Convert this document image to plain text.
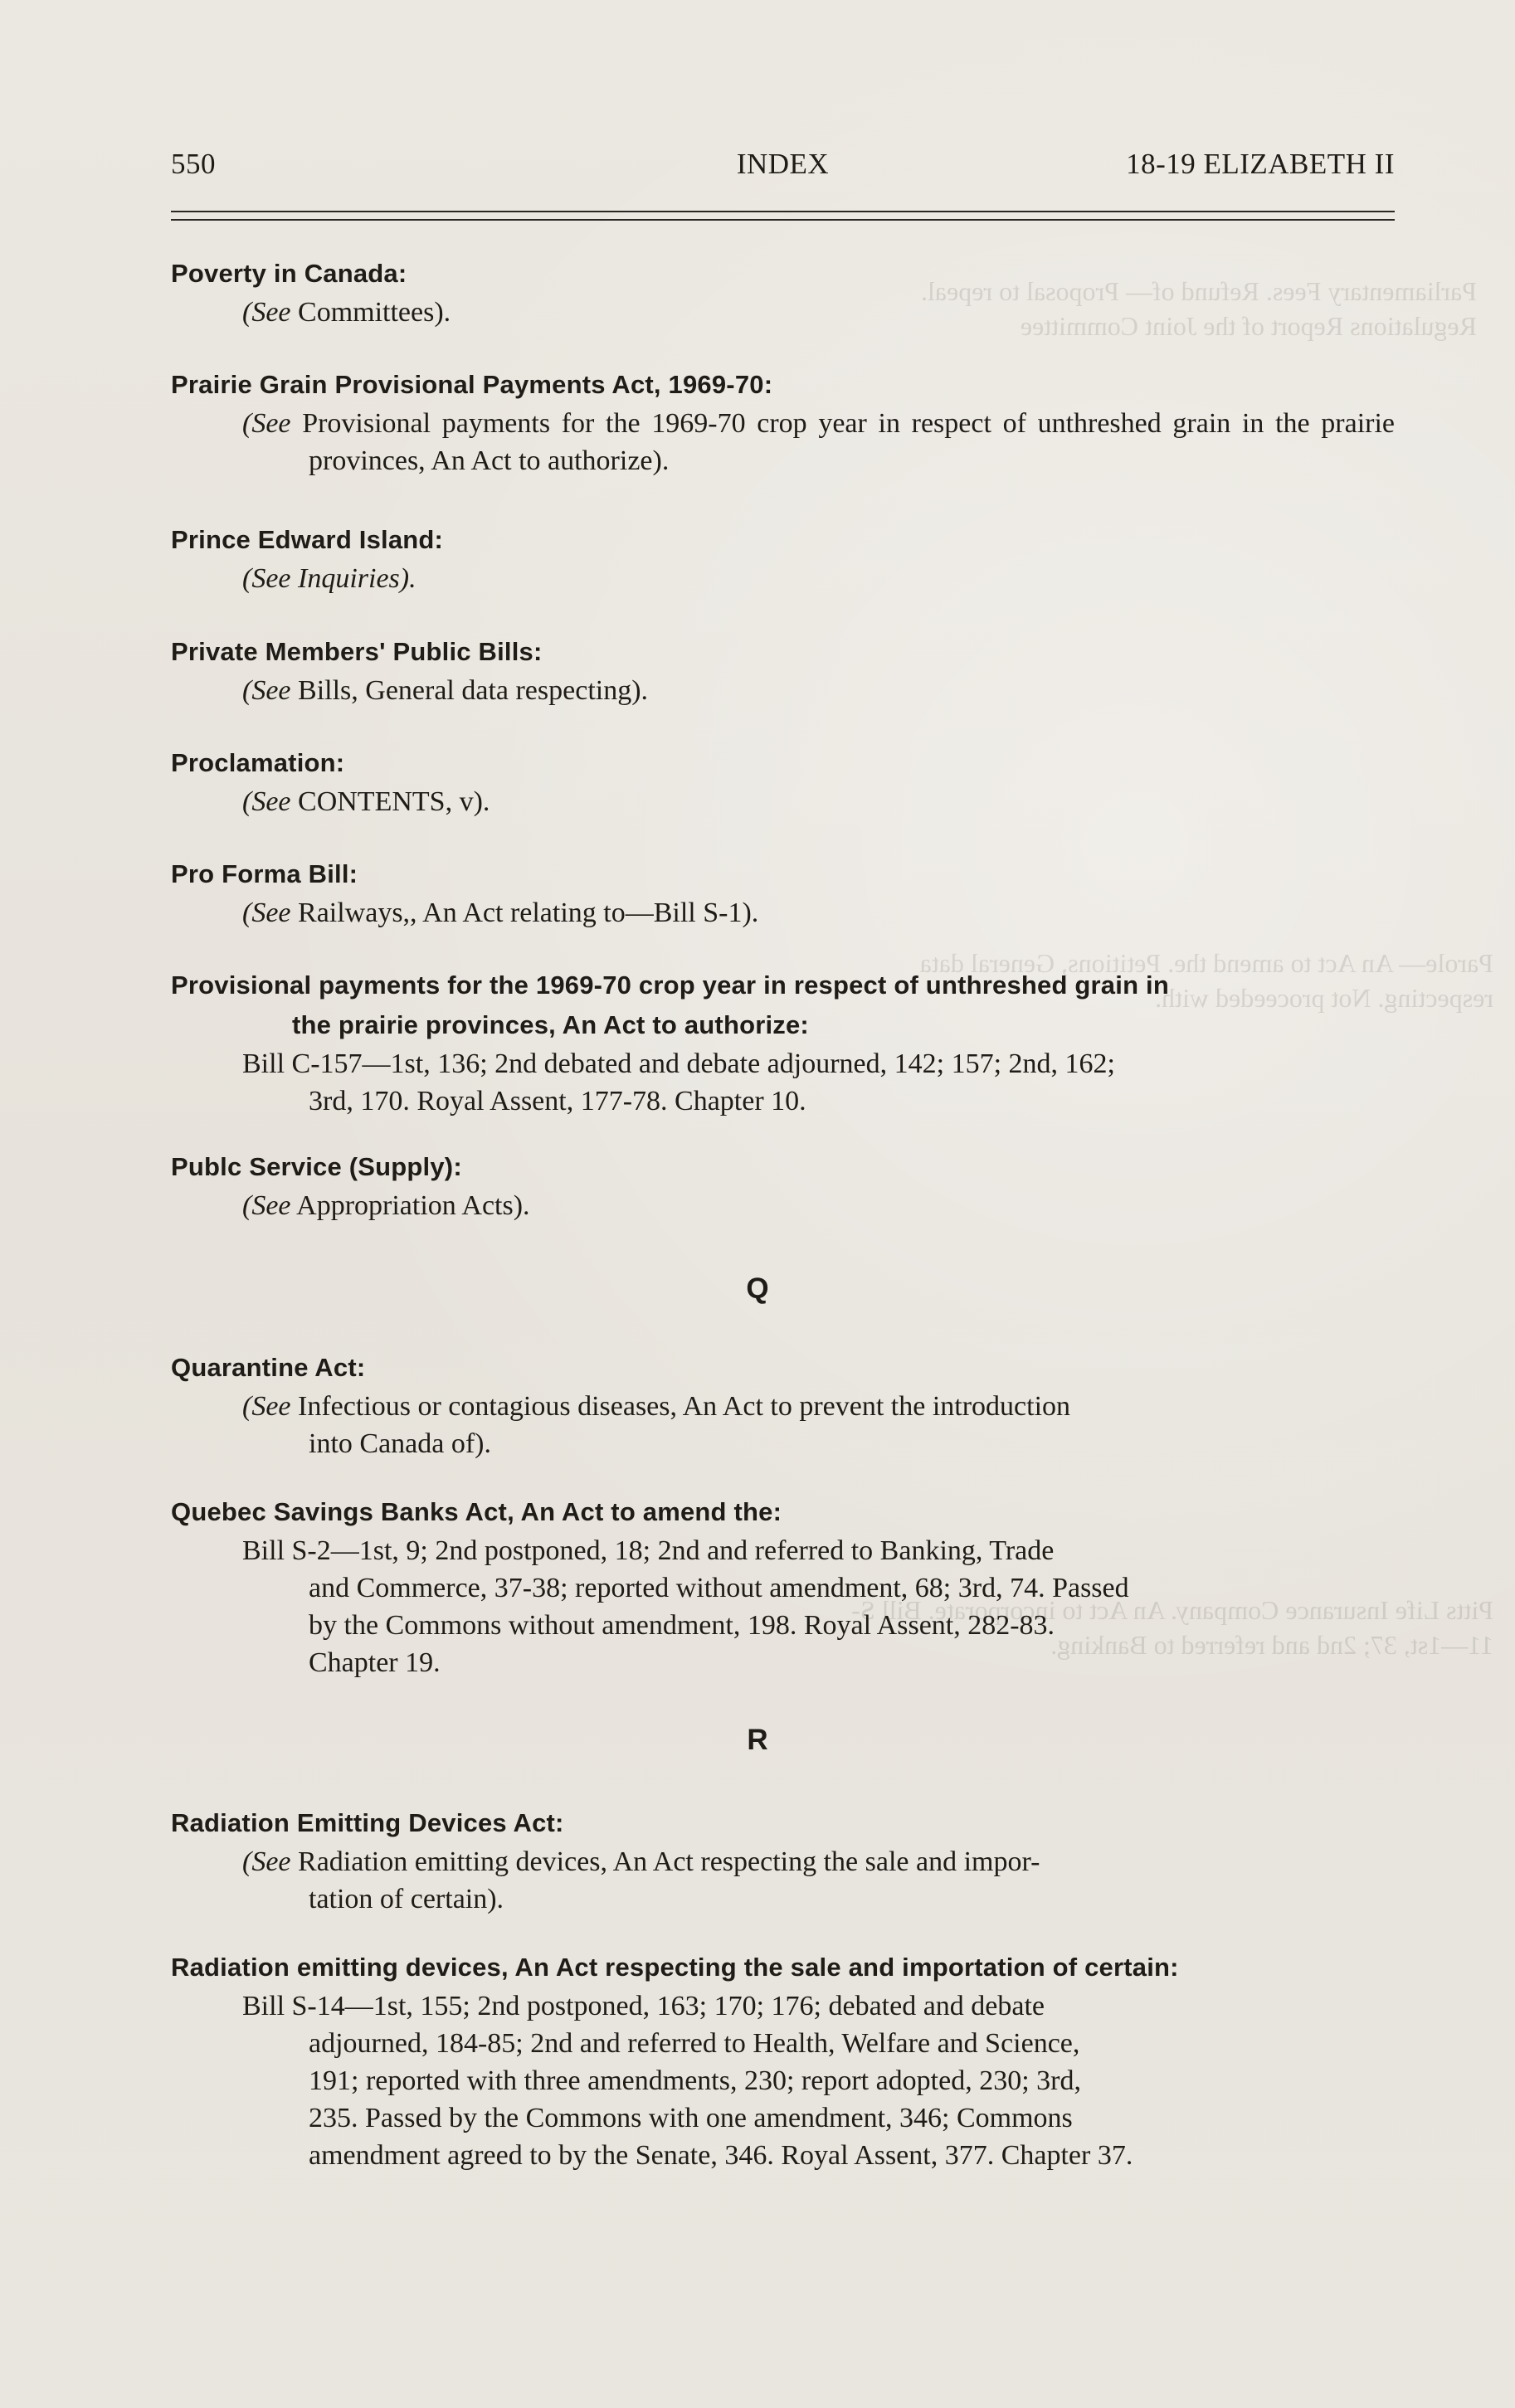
Parliamentary Fees. Refund of— Proposal to repeal. Regulations Report of the Joint Committee
Parole— An Act to amend the. Petitions, General data respecting. Not proceeded with.
Pitts Life Insurance Company. An Act to incorporate. Bill S-11—1st, 37; 2nd and referred to Banking.
550	INDEX	18-19 ELIZABETH II

Poverty in Canada:

(See Committees).

Prairie Grain Provisional Payments Act, 1969-70:

(See Provisional payments for the 1969-70 crop year in respect of unthreshed grain in the prairie provinces, An Act to authorize).

Prince Edward Island:

(See Inquiries).

Private Members' Public Bills:

(See Bills, General data respecting).

Proclamation:

(See CONTENTS, v).

Pro Forma Bill:

(See Railways,, An Act relating to—Bill S-1).

Provisional payments for the 1969-70 crop year in respect of unthreshed grain in
the prairie provinces, An Act to authorize:

Bill C-157—1st, 136; 2nd debated and debate adjourned, 142; 157; 2nd, 162;
3rd, 170. Royal Assent, 177-78. Chapter 10.

Publc Service (Supply):

(See Appropriation Acts).

Q

Quarantine Act:

(See Infectious or contagious diseases, An Act to prevent the introduction
into Canada of).

Quebec Savings Banks Act, An Act to amend the:

Bill S-2—1st, 9; 2nd postponed, 18; 2nd and referred to Banking, Trade
and Commerce, 37-38; reported without amendment, 68; 3rd, 74. Passed
by the Commons without amendment, 198. Royal Assent, 282-83.
Chapter 19.

R

Radiation Emitting Devices Act:

(See Radiation emitting devices, An Act respecting the sale and impor-
tation of certain).

Radiation emitting devices, An Act respecting the sale and importation of certain:

Bill S-14—1st, 155; 2nd postponed, 163; 170; 176; debated and debate
adjourned, 184-85; 2nd and referred to Health, Welfare and Science,
191; reported with three amendments, 230; report adopted, 230; 3rd,
235. Passed by the Commons with one amendment, 346; Commons
amendment agreed to by the Senate, 346. Royal Assent, 377. Chapter 37.
